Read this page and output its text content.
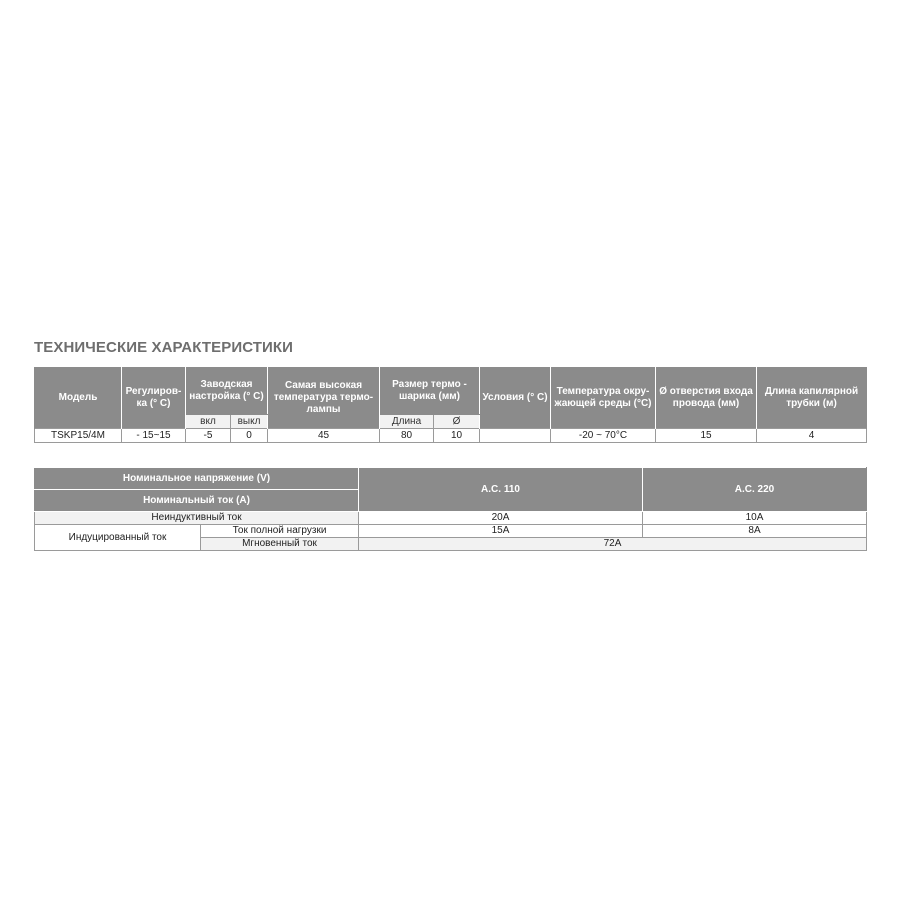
ТЕХНИЧЕСКИЕ ХАРАКТЕРИСТИКИ
Модель	Регулиров-ка (° С)	Заводская настройка (° С)		Самая высокая температура термо-лампы	Размер термо - шарика (мм)		Условия (° С)	Температура окру-жающей среды (°С)	Ø отверстия входа провода (мм)	Длина капилярной трубки (м)
		вкл	выкл		Длина	Ø				
TSKP15/4M	- 15~15	-5	0	45	80	10		-20 ~ 70°С	15	4
Номинальное напряжение (V)		A.C. 110	A.C. 220
Номинальный ток (А)			
Неиндуктивный ток		20А	10А
Индуцированный ток	Ток полной нагрузки	15А	8А
	Мгновенный ток	72А	
